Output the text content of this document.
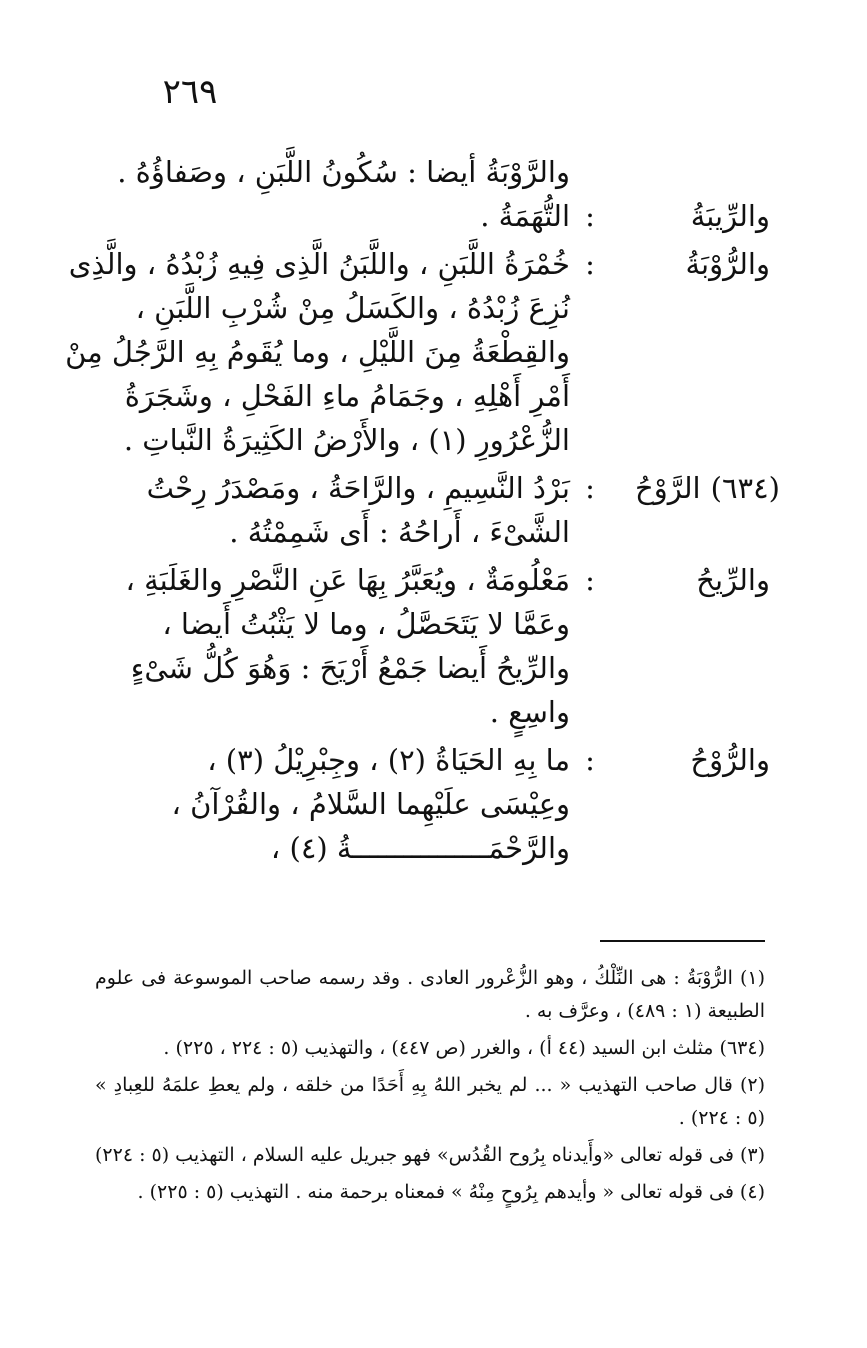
٢٦٩
والرَّوْبَةُ أيضا : سُكُونُ اللَّبَنِ ، وصَفاؤُهُ .
والرِّيبَةُ
:
التُّهَمَةُ .
والرُّوْبَةُ
:
خُمْرَةُ اللَّبَنِ ، واللَّبَنُ الَّذِى فِيهِ زُبْدُهُ ، والَّذِى
نُزِعَ زُبْدُهُ ، والكَسَلُ مِنْ شُرْبِ اللَّبَنِ ،
والقِطْعَةُ مِنَ اللَّيْلِ ، وما يُقَومُ بِهِ الرَّجُلُ مِنْ
أَمْرِ أَهْلِهِ ، وجَمَامُ ماءِ الفَحْلِ ، وشَجَرَةُ
الزُّعْرُورِ (١) ، والأَرْضُ الكَثِيرَةُ النَّباتِ .
(٦٣٤)الرَّوْحُ
:
بَرْدُ النَّسِيمِ ، والرَّاحَةُ ، ومَصْدَرُ رِحْتُ
الشَّىْءَ ، أَراحُهُ : أَى شَمِمْتُهُ .
والرِّيحُ
:
مَعْلُومَةٌ ، ويُعَبَّرُ بِهَا عَنِ النَّصْرِ والغَلَبَةِ ،
وعَمَّا لا يَتَحَصَّلُ ، وما لا يَثْبُتُ أَيضا ،
والرِّيحُ أَيضا جَمْعُ أَرْيَحَ : وَهُوَ كُلُّ شَىْءٍ
واسِعٍ .
والرُّوْحُ
:
ما بِهِ الحَيَاةُ (٢) ، وجِبْرِيْلُ (٣) ،
وعِيْسَى علَيْهِما السَّلامُ ، والقُرْآنُ ،
والرَّحْمَــــــــــــــــةُ (٤) ،
(١) الرُّوْبَةُ : هى النِّلْكُ ، وهو الزُّعْرور العادى . وقد رسمه صاحب الموسوعة فى علوم الطبيعة (١ : ٤٨٩) ، وعرَّف به .
(٦٣٤) مثلث ابن السيد (٤٤ أ) ، والغرر (ص ٤٤٧) ، والتهذيب (٥ : ٢٢٤ ، ٢٢٥) .
(٢) قال صاحب التهذيب « ... لم يخبر اللهُ بِهِ أَحَدًا من خلقه ، ولم يعطِ علمَهُ للعِبادِ » (٥ : ٢٢٤) .
(٣) فى قوله تعالى «وأَيدناه بِرُوح القُدُس» فهو جبريل عليه السلام ، التهذيب (٥ : ٢٢٤)
(٤) فى قوله تعالى « وأيدهم بِرُوحٍ مِنْهُ » فمعناه برحمة منه . التهذيب (٥ : ٢٢٥) .
